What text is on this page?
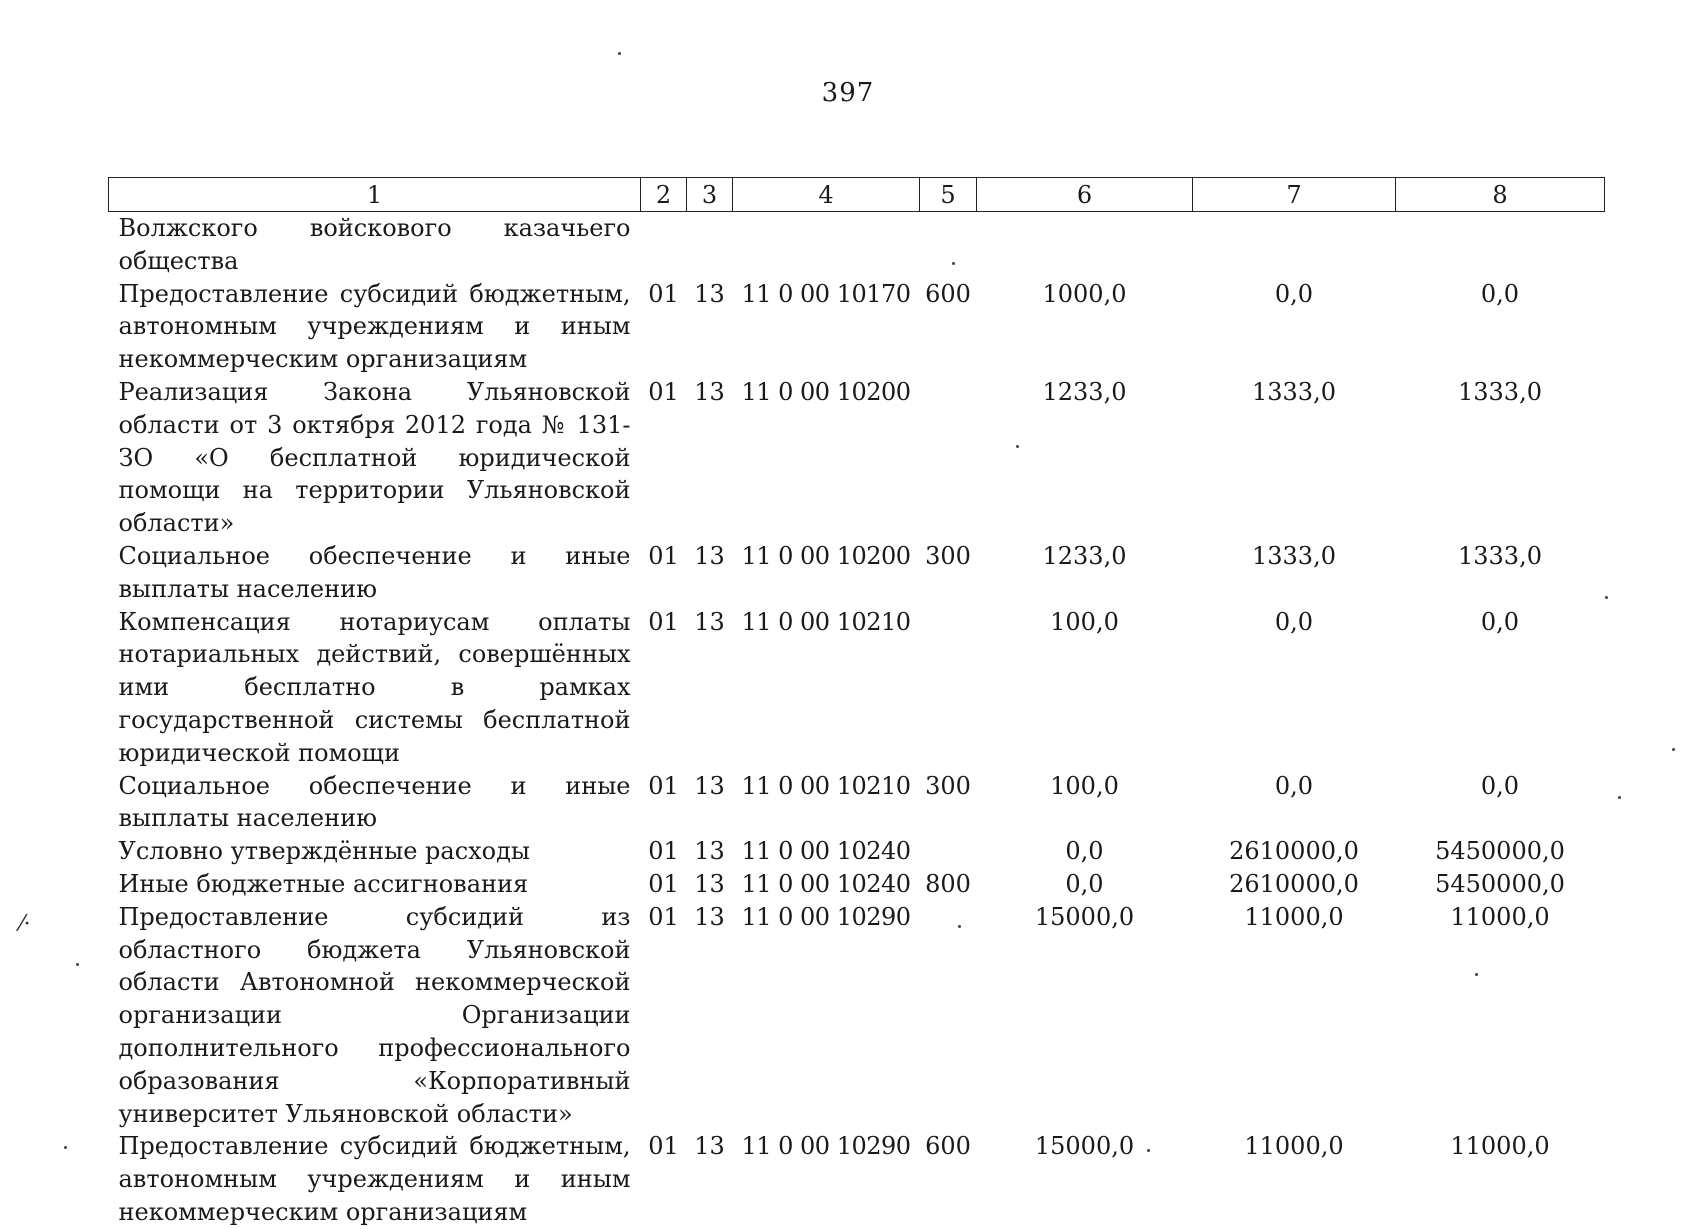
397
1	2	3	4	5	6	7	8
Волжского войскового казачьего общества							
Предоставление субсидий бюджетным, автономным учреждениям и иным некоммерческим организациям	01	13	11 0 00 10170	600	1000,0	0,0	0,0
Реализация Закона Ульяновской области от 3 октября 2012 года № 131-ЗО «О бесплатной юридической помощи на территории Ульяновской области»	01	13	11 0 00 10200		1233,0	1333,0	1333,0
Социальное обеспечение и иные выплаты населению	01	13	11 0 00 10200	300	1233,0	1333,0	1333,0
Компенсация нотариусам оплаты нотариальных действий, совершённых ими бесплатно в рамках государственной системы бесплатной юридической помощи	01	13	11 0 00 10210		100,0	0,0	0,0
Социальное обеспечение и иные выплаты населению	01	13	11 0 00 10210	300	100,0	0,0	0,0
Условно утверждённые расходы	01	13	11 0 00 10240		0,0	2610000,0	5450000,0
Иные бюджетные ассигнования	01	13	11 0 00 10240	800	0,0	2610000,0	5450000,0
Предоставление субсидий из областного бюджета Ульяновской области Автономной некоммерческой организации Организации дополнительного профессионального образования «Корпоративный университет Ульяновской области»	01	13	11 0 00 10290		15000,0	11000,0	11000,0
Предоставление субсидий бюджетным, автономным учреждениям и иным некоммерческим организациям	01	13	11 0 00 10290	600	15000,0	11000,0	11000,0
⁄·
